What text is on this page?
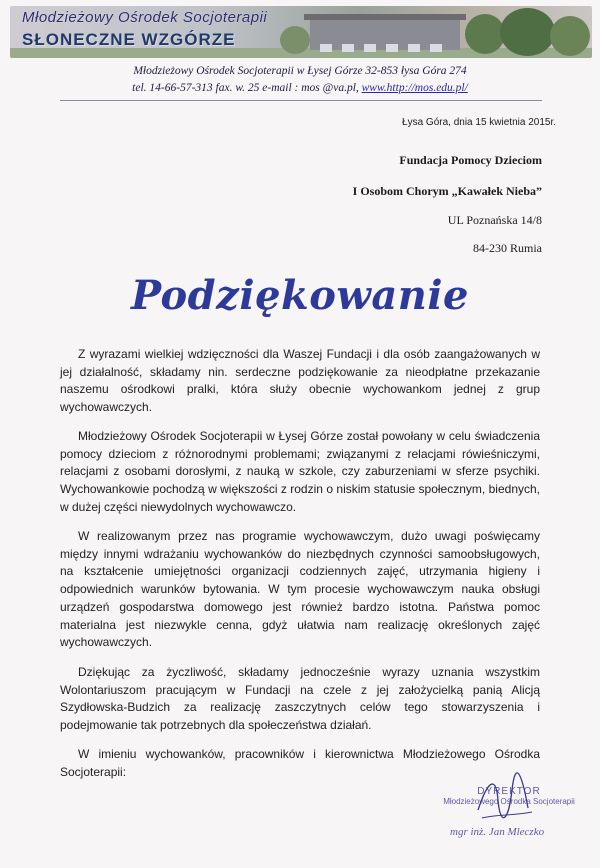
Młodzieżowy Ośrodek Socjoterapii
SŁONECZNE WZGÓRZE
Młodzieżowy Ośrodek Socjoterapii w Łysej Górze 32-853 łysa Góra 274
tel. 14-66-57-313 fax. w. 25 e-mail : mos @va.pl, www.http://mos.edu.pl/
Łysa Góra, dnia 15 kwietnia 2015r.
Fundacja Pomocy Dzieciom
I Osobom Chorym „Kawałek Nieba”
UL Poznańska 14/8
84-230 Rumia
Podziękowanie
Z wyrazami wielkiej wdzięczności dla Waszej Fundacji i dla osób zaangażowanych w jej działalność, składamy nin. serdeczne podziękowanie za nieodpłatne przekazanie naszemu ośrodkowi pralki, która służy obecnie wychowankom jednej z grup wychowawczych.
Młodzieżowy Ośrodek Socjoterapii w Łysej Górze został powołany w celu świadczenia pomocy dzieciom z różnorodnymi problemami; związanymi z relacjami rówieśniczymi, relacjami z osobami dorosłymi, z nauką w szkole, czy zaburzeniami w sferze psychiki. Wychowankowie pochodzą w większości z rodzin o niskim statusie społecznym, biednych, w dużej części niewydolnych wychowawczo.
W realizowanym przez nas programie wychowawczym, dużo uwagi poświęcamy między innymi wdrażaniu wychowanków do niezbędnych czynności samoobsługowych, na kształcenie umiejętności organizacji codziennych zajęć, utrzymania higieny i odpowiednich warunków bytowania. W tym procesie wychowawczym nauka obsługi urządzeń gospodarstwa domowego jest również bardzo istotna. Państwa pomoc materialna jest niezwykle cenna, gdyż ułatwia nam realizację określonych zajęć wychowawczych.
Dziękując za życzliwość, składamy jednocześnie wyrazy uznania wszystkim Wolontariuszom pracującym w Fundacji na czele z jej założycielką panią Alicją Szydłowska-Budzich za realizację zaszczytnych celów tego stowarzyszenia i podejmowanie tak potrzebnych dla społeczeństwa działań.
W imieniu wychowanków, pracowników i kierownictwa Młodzieżowego Ośrodka Socjoterapii:
DYREKTOR
Młodzieżowego Ośrodka Socjoterapii
mgr inż. Jan Mleczko
